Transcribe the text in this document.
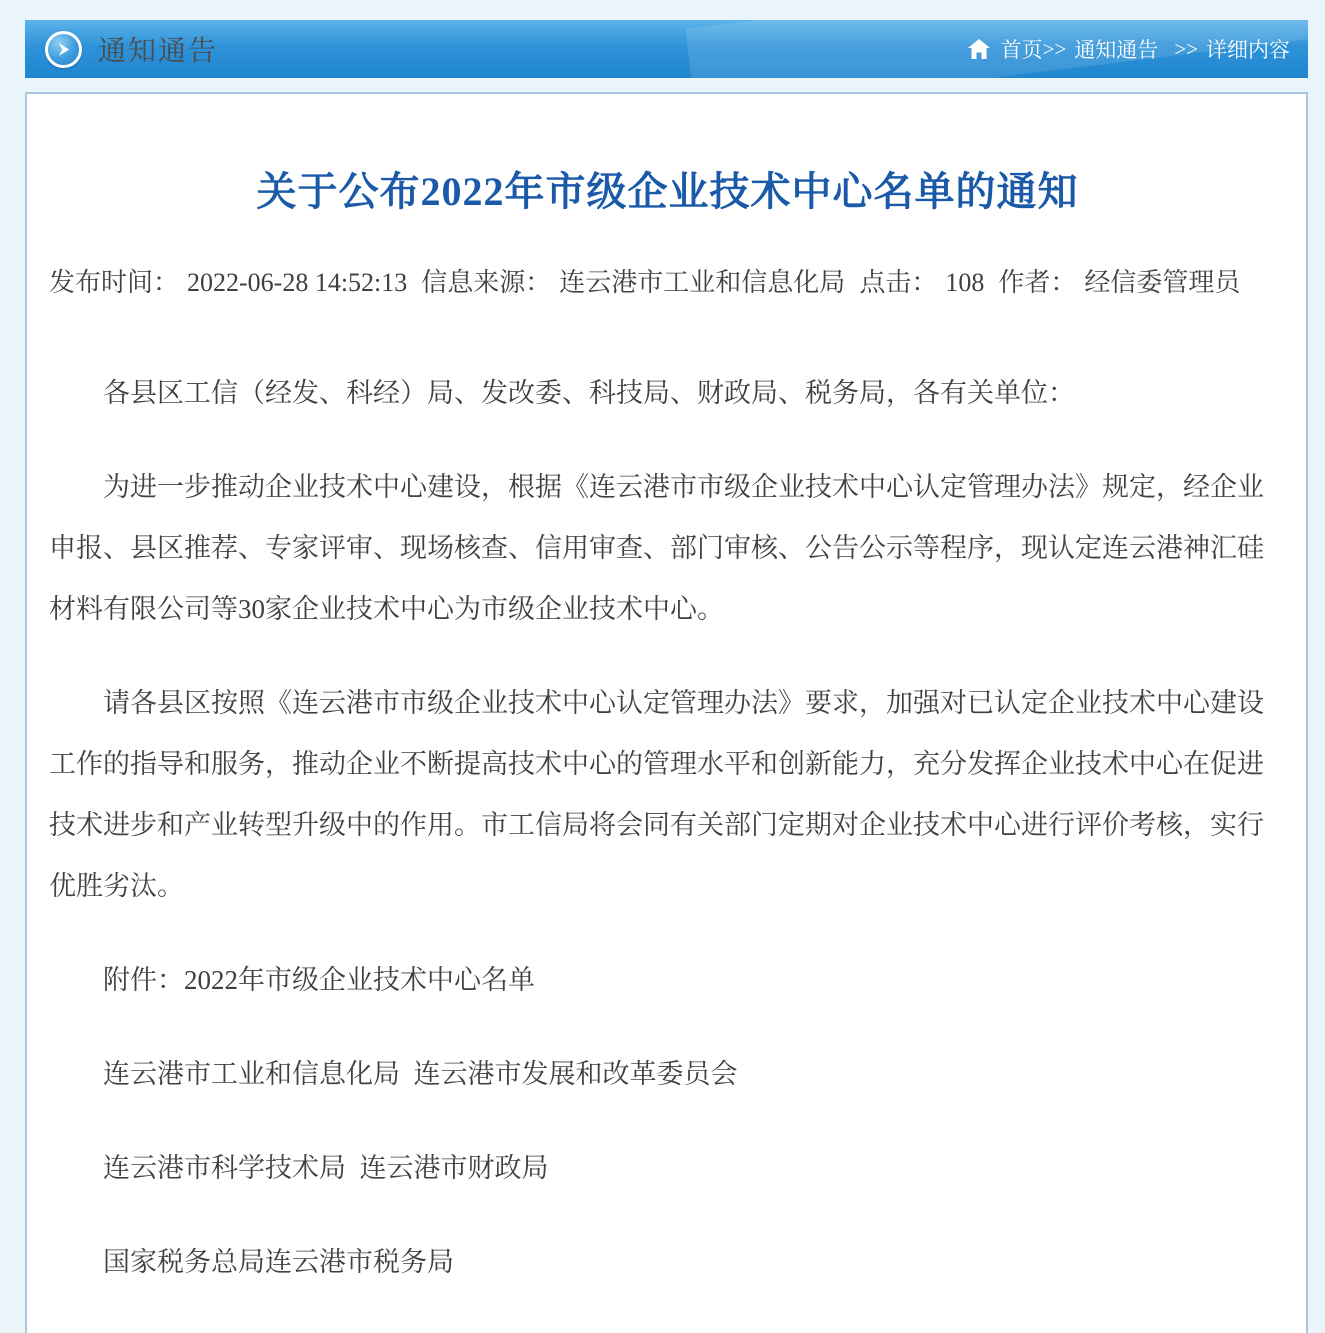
通知通告	首页 >> 通知通告 >> 详细内容
关于公布2022年市级企业技术中心名单的通知
发布时间： 2022-06-28 14:52:13 信息来源： 连云港市工业和信息化局 点击： 108 作者： 经信委管理员

各县区工信（经发、科经）局、发改委、科技局、财政局、税务局，各有关单位：

为进一步推动企业技术中心建设，根据《连云港市市级企业技术中心认定管理办法》规定，经企业申报、县区推荐、专家评审、现场核查、信用审查、部门审核、公告公示等程序，现认定连云港神汇硅材料有限公司等30家企业技术中心为市级企业技术中心。

请各县区按照《连云港市市级企业技术中心认定管理办法》要求，加强对已认定企业技术中心建设工作的指导和服务，推动企业不断提高技术中心的管理水平和创新能力，充分发挥企业技术中心在促进技术进步和产业转型升级中的作用。市工信局将会同有关部门定期对企业技术中心进行评价考核，实行优胜劣汰。

附件：2022年市级企业技术中心名单

连云港市工业和信息化局  连云港市发展和改革委员会

连云港市科学技术局  连云港市财政局

国家税务总局连云港市税务局
